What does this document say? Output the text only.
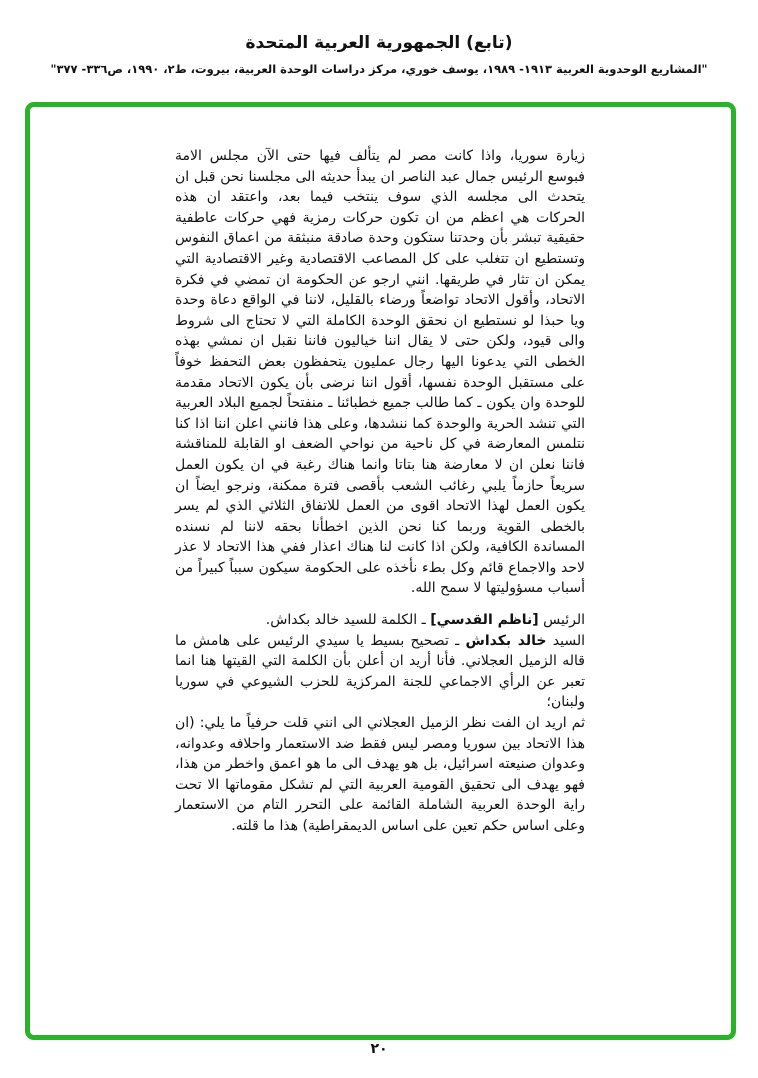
(تابع) الجمهورية العربية المتحدة
"المشاريع الوحدوية العربية ١٩١٣- ١٩٨٩، يوسف خوري، مركز دراسات الوحدة العربية، بيروت، ط٢، ١٩٩٠، ص٣٣٦- ٣٧٧"

زيارة سوريا، واذا كانت مصر لم يتألف فيها حتى الآن مجلس الامة فبوسع الرئيس جمال عبد الناصر ان يبدأ حديثه الى مجلسنا نحن قبل ان يتحدث الى مجلسه الذي سوف ينتخب فيما بعد، واعتقد ان هذه الحركات هي اعظم من ان تكون حركات رمزية فهي حركات عاطفية حقيقية تبشر بأن وحدتنا ستكون وحدة صادقة منبثقة من اعماق النفوس وتستطيع ان تتغلب على كل المصاعب الاقتصادية وغير الاقتصادية التي يمكن ان تثار في طريقها. انني ارجو عن الحكومة ان تمضي في فكرة الاتحاد، وأقول الاتحاد تواضعاً ورضاء بالقليل، لاننا في الواقع دعاة وحدة ويا حبذا لو نستطيع ان نحقق الوحدة الكاملة التي لا تحتاج الى شروط والى قيود، ولكن حتى لا يقال اننا خياليون فاننا نقبل ان نمشي بهذه الخطى التي يدعونا اليها رجال عمليون يتحفظون بعض التحفظ خوفاً على مستقبل الوحدة نفسها، أقول اننا نرضى بأن يكون الاتحاد مقدمة للوحدة وان يكون ـ كما طالب جميع خطبائنا ـ منفتحاً لجميع البلاد العربية التي تنشد الحرية والوحدة كما ننشدها، وعلى هذا فانني اعلن اننا اذا كنا نتلمس المعارضة في كل ناحية من نواحي الضعف او القابلة للمناقشة فاننا نعلن ان لا معارضة هنا بتاتا وانما هناك رغبة في ان يكون العمل سريعاً حازماً يلبي رغائب الشعب بأقصى فترة ممكنة، ونرجو ايضاً ان يكون العمل لهذا الاتحاد اقوى من العمل للاتفاق الثلاثي الذي لم يسر بالخطى القوية وربما كنا نحن الذين اخطأنا بحقه لاننا لم نسنده المساندة الكافية، ولكن اذا كانت لنا هناك اعذار ففي هذا الاتحاد لا عذر لاحد والاجماع قائم وكل بطء نأخذه على الحكومة سيكون سبباً كبيراً من أسباب مسؤوليتها لا سمح الله.

الرئيس [ناظم القدسي] ـ الكلمة للسيد خالد بكداش.

السيد خالد بكداش ـ تصحيح بسيط يا سيدي الرئيس على هامش ما قاله الزميل العجلاني. فأنا أريد ان أعلن بأن الكلمة التي القيتها هنا انما تعبر عن الرأي الاجماعي للجنة المركزية للحزب الشيوعي في سوريا ولبنان؛

ثم اريد ان الفت نظر الزميل العجلاني الى انني قلت حرفياً ما يلي: (ان هذا الاتحاد بين سوريا ومصر ليس فقط ضد الاستعمار واحلافه وعدوانه، وعدوان صنيعته اسرائيل، بل هو يهدف الى ما هو اعمق واخطر من هذا، فهو يهدف الى تحقيق القومية العربية التي لم تشكل مقوماتها الا تحت راية الوحدة العربية الشاملة القائمة على التحرر التام من الاستعمار وعلى اساس حكم تعين على اساس الديمقراطية) هذا ما قلته.

٢٠
